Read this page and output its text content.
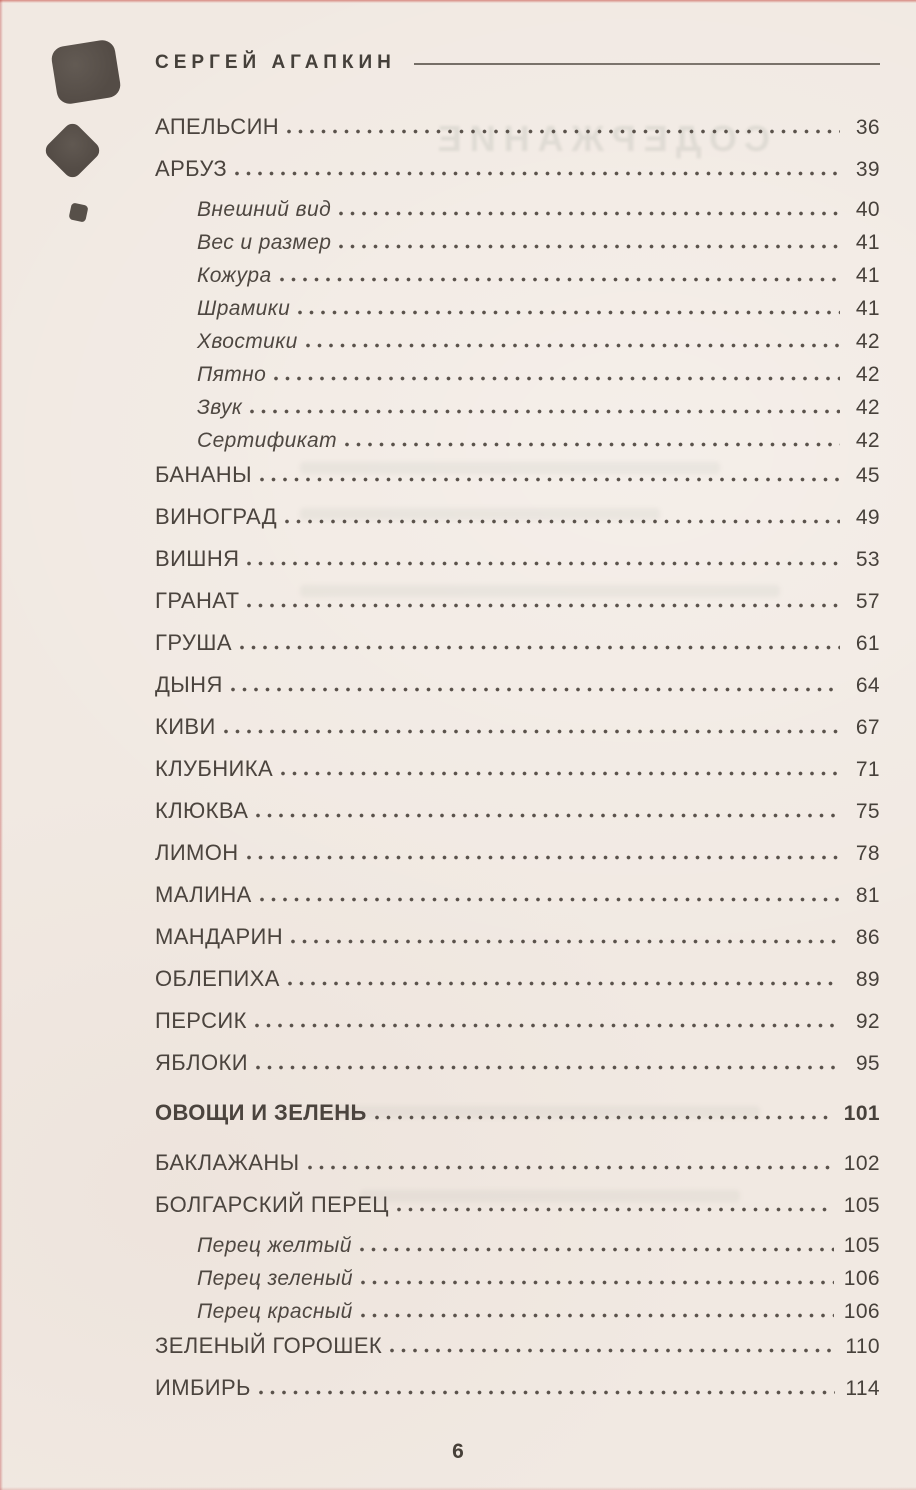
СОДЕРЖАНИЕ
СЕРГЕЙ АГАПКИН
АПЕЛЬСИН	36
АРБУЗ	39
Внешний вид	40
Вес и размер	41
Кожура	41
Шрамики	41
Хвостики	42
Пятно	42
Звук	42
Сертификат	42
БАНАНЫ	45
ВИНОГРАД	49
ВИШНЯ	53
ГРАНАТ	57
ГРУША	61
ДЫНЯ	64
КИВИ	67
КЛУБНИКА	71
КЛЮКВА	75
ЛИМОН	78
МАЛИНА	81
МАНДАРИН	86
ОБЛЕПИХА	89
ПЕРСИК	92
ЯБЛОКИ	95
ОВОЩИ И ЗЕЛЕНЬ	101
БАКЛАЖАНЫ	102
БОЛГАРСКИЙ ПЕРЕЦ	105
Перец желтый	105
Перец зеленый	106
Перец красный	106
ЗЕЛЕНЫЙ ГОРОШЕК	110
ИМБИРЬ	114
6
